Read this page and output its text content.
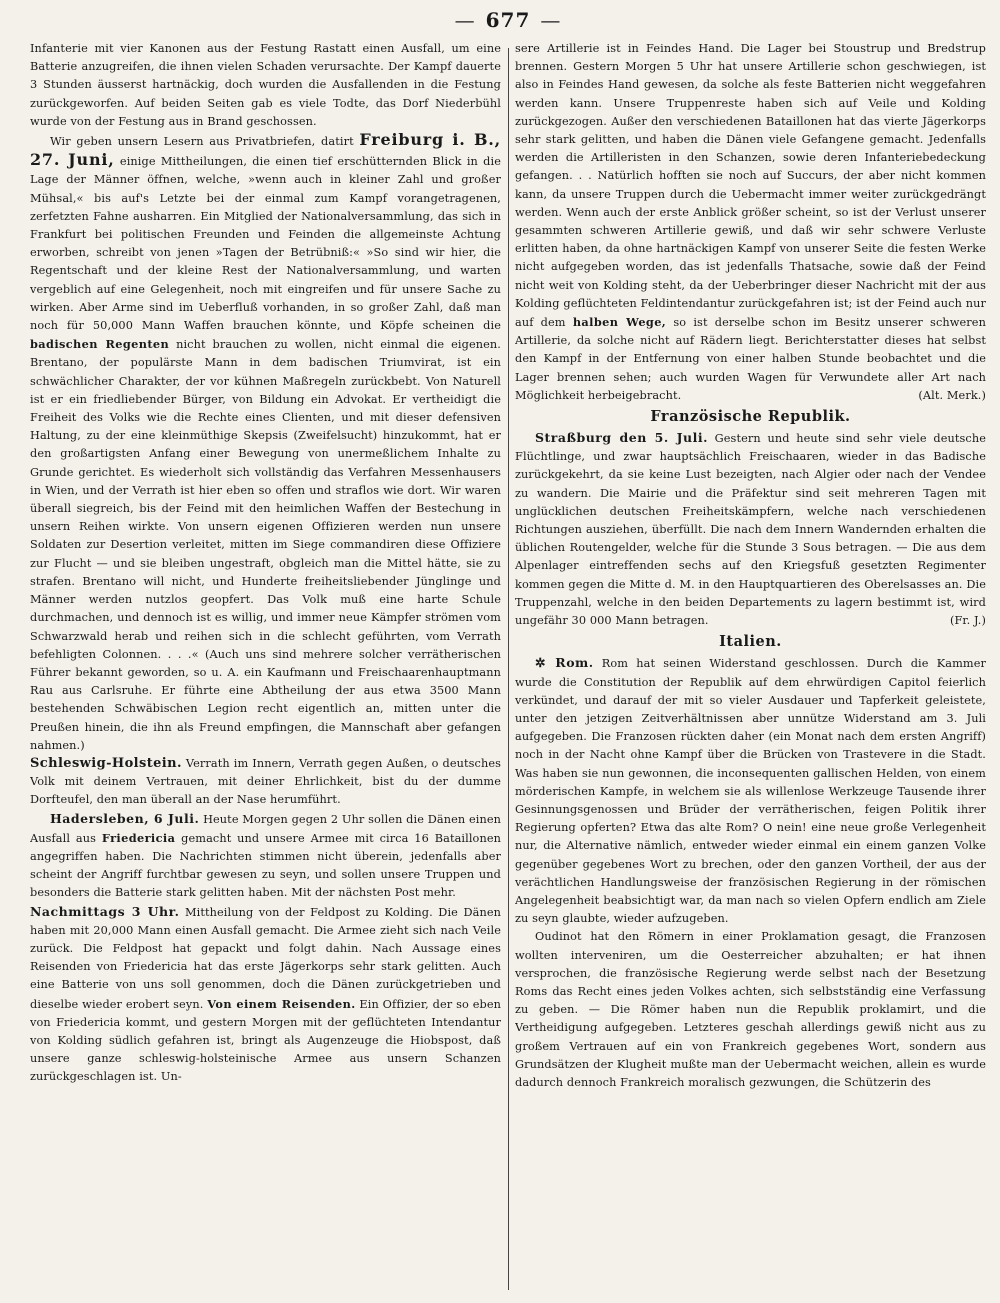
— 677 —

Infanterie mit vier Kanonen aus der Festung Rastatt einen Ausfall, um eine Batterie anzugreifen, die ihnen vielen Schaden verursachte. Der Kampf dauerte 3 Stunden äusserst hartnäckig, doch wurden die Ausfallenden in die Festung zurückgeworfen. Auf beiden Seiten gab es viele Todte, das Dorf Niederbühl wurde von der Festung aus in Brand geschossen.

Wir geben unsern Lesern aus Privatbriefen, datirt Freiburg i. B., 27. Juni, einige Mittheilungen, die einen tief erschütternden Blick in die Lage der Männer öffnen, welche, »wenn auch in kleiner Zahl und großer Mühsal,« bis auf's Letzte bei der einmal zum Kampf vorangetragenen, zerfetzten Fahne ausharren. Ein Mitglied der Nationalversammlung, das sich in Frankfurt bei politischen Freunden und Feinden die allgemeinste Achtung erworben, schreibt von jenen »Tagen der Betrübniß:« »So sind wir hier, die Regentschaft und der kleine Rest der Nationalversammlung, und warten vergeblich auf eine Gelegenheit, noch mit eingreifen und für unsere Sache zu wirken. Aber Arme sind im Ueberfluß vorhanden, in so großer Zahl, daß man noch für 50,000 Mann Waffen brauchen könnte, und Köpfe scheinen die badischen Regenten nicht brauchen zu wollen, nicht einmal die eigenen. Brentano, der populärste Mann in dem badischen Triumvirat, ist ein schwächlicher Charakter, der vor kühnen Maßregeln zurückbebt. Von Naturell ist er ein friedliebender Bürger, von Bildung ein Advokat. Er vertheidigt die Freiheit des Volks wie die Rechte eines Clienten, und mit dieser defensiven Haltung, zu der eine kleinmüthige Skepsis (Zweifelsucht) hinzukommt, hat er den großartigsten Anfang einer Bewegung von unermeßlichem Inhalte zu Grunde gerichtet. Es wiederholt sich vollständig das Verfahren Messenhausers in Wien, und der Verrath ist hier eben so offen und straflos wie dort. Wir waren überall siegreich, bis der Feind mit den heimlichen Waffen der Bestechung in unsern Reihen wirkte. Von unsern eigenen Offizieren werden nun unsere Soldaten zur Desertion verleitet, mitten im Siege commandiren diese Offiziere zur Flucht — und sie bleiben ungestraft, obgleich man die Mittel hätte, sie zu strafen. Brentano will nicht, und Hunderte freiheitsliebender Jünglinge und Männer werden nutzlos geopfert. Das Volk muß eine harte Schule durchmachen, und dennoch ist es willig, und immer neue Kämpfer strömen vom Schwarzwald herab und reihen sich in die schlecht geführten, vom Verrath befehligten Colonnen. . . .« (Auch uns sind mehrere solcher verrätherischen Führer bekannt geworden, so u. A. ein Kaufmann und Freischaarenhauptmann Rau aus Carlsruhe. Er führte eine Abtheilung der aus etwa 3500 Mann bestehenden Schwäbischen Legion recht eigentlich an, mitten unter die Preußen hinein, die ihn als Freund empfingen, die Mannschaft aber gefangen nahmen.)

Schleswig-Holstein. Verrath im Innern, Verrath gegen Außen, o deutsches Volk mit deinem Vertrauen, mit deiner Ehrlichkeit, bist du der dumme Dorfteufel, den man überall an der Nase herumführt.

Hadersleben, 6 Juli. Heute Morgen gegen 2 Uhr sollen die Dänen einen Ausfall aus Friedericia gemacht und unsere Armee mit circa 16 Bataillonen angegriffen haben. Die Nachrichten stimmen nicht überein, jedenfalls aber scheint der Angriff furchtbar gewesen zu seyn, und sollen unsere Truppen und besonders die Batterie stark gelitten haben. Mit der nächsten Post mehr.

Nachmittags 3 Uhr. Mittheilung von der Feldpost zu Kolding. Die Dänen haben mit 20,000 Mann einen Ausfall gemacht. Die Armee zieht sich nach Veile zurück. Die Feldpost hat gepackt und folgt dahin. Nach Aussage eines Reisenden von Friedericia hat das erste Jägerkorps sehr stark gelitten. Auch eine Batterie von uns soll genommen, doch die Dänen zurückgetrieben und dieselbe wieder erobert seyn. Von einem Reisenden. Ein Offizier, der so eben von Friedericia kommt, und gestern Morgen mit der geflüchteten Intendantur von Kolding südlich gefahren ist, bringt als Augenzeuge die Hiobspost, daß unsere ganze schleswig-holsteinische Armee aus unsern Schanzen zurückgeschlagen ist. Un-

sere Artillerie ist in Feindes Hand. Die Lager bei Stoustrup und Bredstrup brennen. Gestern Morgen 5 Uhr hat unsere Artillerie schon geschwiegen, ist also in Feindes Hand gewesen, da solche als feste Batterien nicht weggefahren werden kann. Unsere Truppenreste haben sich auf Veile und Kolding zurückgezogen. Außer den verschiedenen Bataillonen hat das vierte Jägerkorps sehr stark gelitten, und haben die Dänen viele Gefangene gemacht. Jedenfalls werden die Artilleristen in den Schanzen, sowie deren Infanteriebedeckung gefangen. . . Natürlich hofften sie noch auf Succurs, der aber nicht kommen kann, da unsere Truppen durch die Uebermacht immer weiter zurückgedrängt werden. Wenn auch der erste Anblick größer scheint, so ist der Verlust unserer gesammten schweren Artillerie gewiß, und daß wir sehr schwere Verluste erlitten haben, da ohne hartnäckigen Kampf von unserer Seite die festen Werke nicht aufgegeben worden, das ist jedenfalls Thatsache, sowie daß der Feind nicht weit von Kolding steht, da der Ueberbringer dieser Nachricht mit der aus Kolding geflüchteten Feldintendantur zurückgefahren ist; ist der Feind auch nur auf dem halben Wege, so ist derselbe schon im Besitz unserer schweren Artillerie, da solche nicht auf Rädern liegt. Berichterstatter dieses hat selbst den Kampf in der Entfernung von einer halben Stunde beobachtet und die Lager brennen sehen; auch wurden Wagen für Verwundete aller Art nach Möglichkeit herbeigebracht.	(Alt. Merk.)

Französische Republik.

Straßburg den 5. Juli. Gestern und heute sind sehr viele deutsche Flüchtlinge, und zwar hauptsächlich Freischaaren, wieder in das Badische zurückgekehrt, da sie keine Lust bezeigten, nach Algier oder nach der Vendee zu wandern. Die Mairie und die Präfektur sind seit mehreren Tagen mit unglücklichen deutschen Freiheitskämpfern, welche nach verschiedenen Richtungen ausziehen, überfüllt. Die nach dem Innern Wandernden erhalten die üblichen Routengelder, welche für die Stunde 3 Sous betragen. — Die aus dem Alpenlager eintreffenden sechs auf den Kriegsfuß gesetzten Regimenter kommen gegen die Mitte d. M. in den Hauptquartieren des Oberelsasses an. Die Truppenzahl, welche in den beiden Departements zu lagern bestimmt ist, wird ungefähr 30 000 Mann betragen.	(Fr. J.)

Italien.

✲ Rom. Rom hat seinen Widerstand geschlossen. Durch die Kammer wurde die Constitution der Republik auf dem ehrwürdigen Capitol feierlich verkündet, und darauf der mit so vieler Ausdauer und Tapferkeit geleistete, unter den jetzigen Zeitverhältnissen aber unnütze Widerstand am 3. Juli aufgegeben. Die Franzosen rückten daher (ein Monat nach dem ersten Angriff) noch in der Nacht ohne Kampf über die Brücken von Trastevere in die Stadt. Was haben sie nun gewonnen, die inconsequenten gallischen Helden, von einem mörderischen Kampfe, in welchem sie als willenlose Werkzeuge Tausende ihrer Gesinnungsgenossen und Brüder der verrätherischen, feigen Politik ihrer Regierung opferten? Etwa das alte Rom? O nein! eine neue große Verlegenheit nur, die Alternative nämlich, entweder wieder einmal ein einem ganzen Volke gegenüber gegebenes Wort zu brechen, oder den ganzen Vortheil, der aus der verächtlichen Handlungsweise der französischen Regierung in der römischen Angelegenheit beabsichtigt war, da man nach so vielen Opfern endlich am Ziele zu seyn glaubte, wieder aufzugeben.

Oudinot hat den Römern in einer Proklamation gesagt, die Franzosen wollten interveniren, um die Oesterreicher abzuhalten; er hat ihnen versprochen, die französische Regierung werde selbst nach der Besetzung Roms das Recht eines jeden Volkes achten, sich selbstständig eine Verfassung zu geben. — Die Römer haben nun die Republik proklamirt, und die Vertheidigung aufgegeben. Letzteres geschah allerdings gewiß nicht aus zu großem Vertrauen auf ein von Frankreich gegebenes Wort, sondern aus Grundsätzen der Klugheit mußte man der Uebermacht weichen, allein es wurde dadurch dennoch Frankreich moralisch gezwungen, die Schützerin des
